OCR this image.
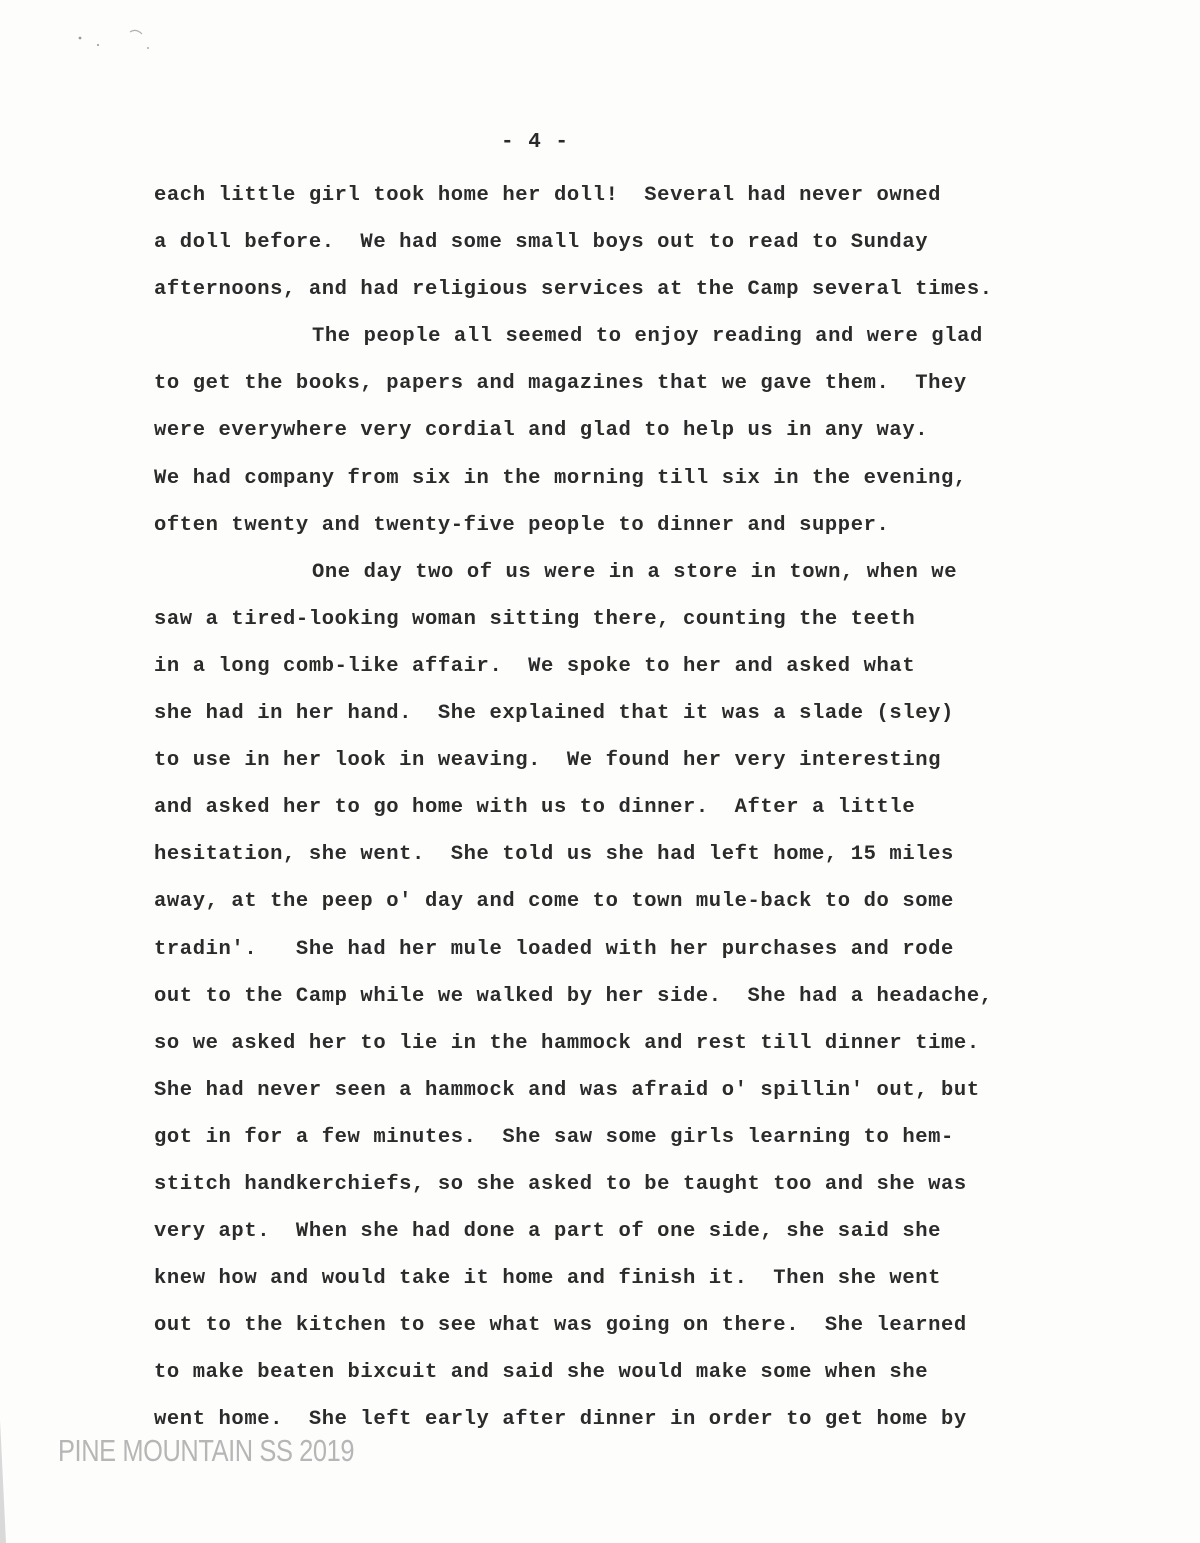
- 4 -
each little girl took home her doll!  Several had never owned
a doll before.  We had some small boys out to read to Sunday
afternoons, and had religious services at the Camp several times.
The people all seemed to enjoy reading and were glad
to get the books, papers and magazines that we gave them.  They
were everywhere very cordial and glad to help us in any way.
We had company from six in the morning till six in the evening,
often twenty and twenty-five people to dinner and supper.
One day two of us were in a store in town, when we
saw a tired-looking woman sitting there, counting the teeth
in a long comb-like affair.  We spoke to her and asked what
she had in her hand.  She explained that it was a slade (sley)
to use in her look in weaving.  We found her very interesting
and asked her to go home with us to dinner.  After a little
hesitation, she went.  She told us she had left home, 15 miles
away, at the peep o' day and come to town mule-back to do some
tradin'.   She had her mule loaded with her purchases and rode
out to the Camp while we walked by her side.  She had a headache,
so we asked her to lie in the hammock and rest till dinner time.
She had never seen a hammock and was afraid o' spillin' out, but
got in for a few minutes.  She saw some girls learning to hem-
stitch handkerchiefs, so she asked to be taught too and she was
very apt.  When she had done a part of one side, she said she
knew how and would take it home and finish it.  Then she went
out to the kitchen to see what was going on there.  She learned
to make beaten bixcuit and said she would make some when she
went home.  She left early after dinner in order to get home by
PINE MOUNTAIN SS 2019
